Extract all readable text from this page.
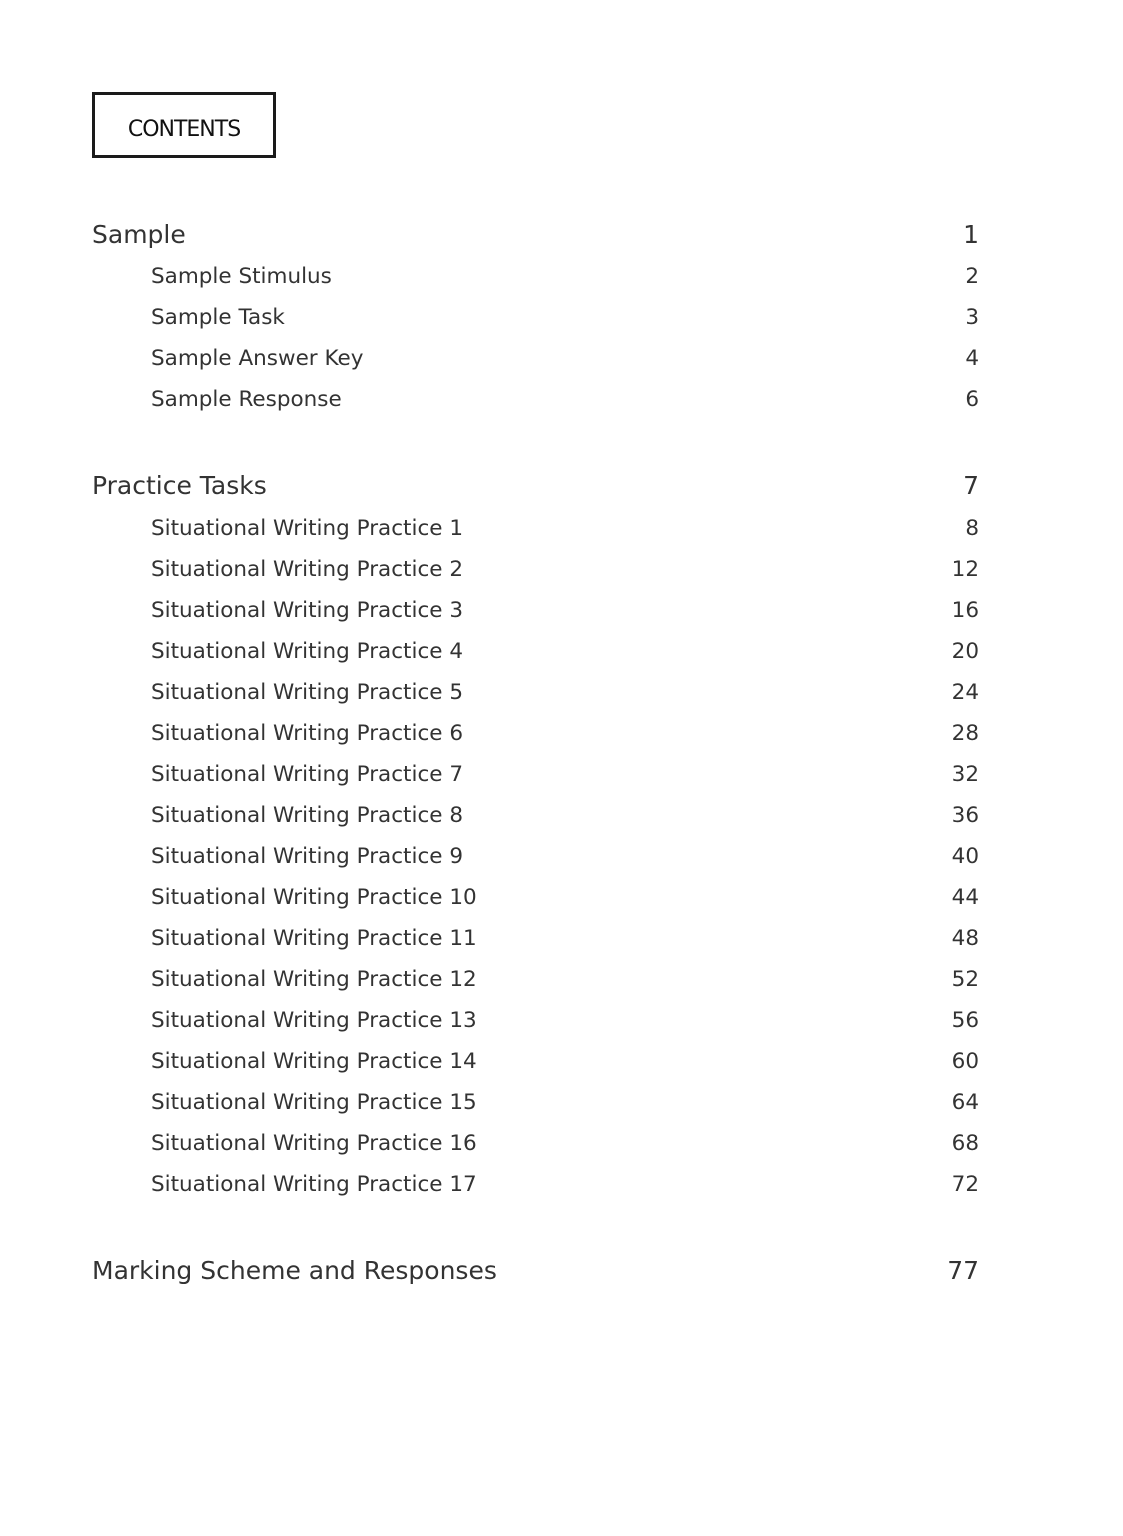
contents
Sample	1
Sample Stimulus	2
Sample Task	3
Sample Answer Key	4
Sample Response	6
Practice Tasks	7
Situational Writing Practice 1	8
Situational Writing Practice 2	12
Situational Writing Practice 3	16
Situational Writing Practice 4	20
Situational Writing Practice 5	24
Situational Writing Practice 6	28
Situational Writing Practice 7	32
Situational Writing Practice 8	36
Situational Writing Practice 9	40
Situational Writing Practice 10	44
Situational Writing Practice 11	48
Situational Writing Practice 12	52
Situational Writing Practice 13	56
Situational Writing Practice 14	60
Situational Writing Practice 15	64
Situational Writing Practice 16	68
Situational Writing Practice 17	72
Marking Scheme and Responses	77
